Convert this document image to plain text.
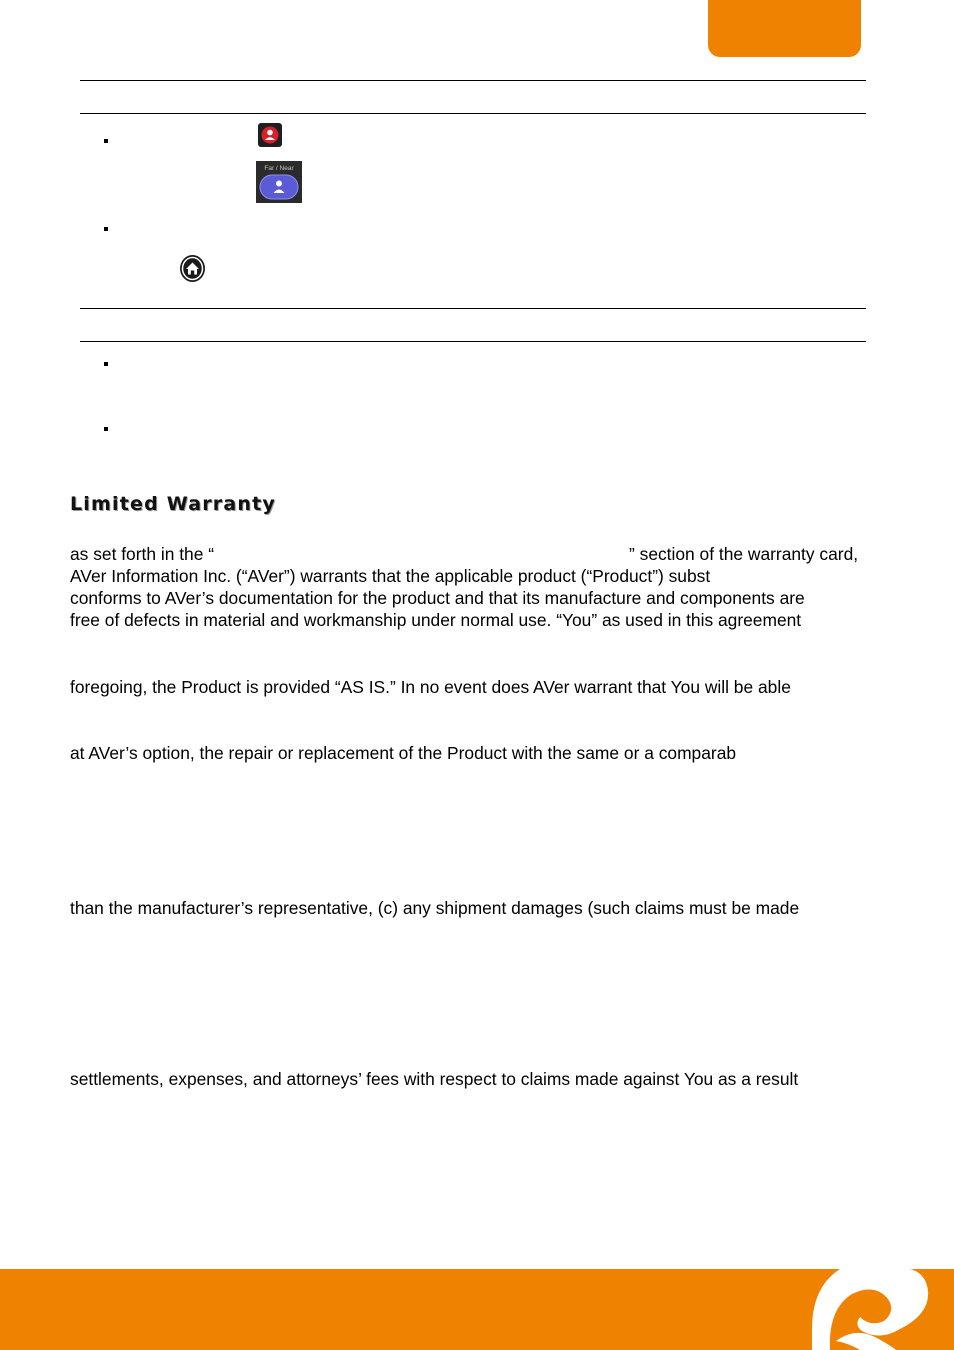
Far / Near
Limited Warranty

as set forth in the “	” section of the warranty card,

AVer Information Inc. (“AVer”) warrants that the applicable product (“Product”) subst

conforms to AVer’s documentation for the product and that its manufacture and components are

free of defects in material and workmanship under normal use. “You” as used in this agreement

foregoing, the Product is provided “AS IS.” In no event does AVer warrant that You will be able

at AVer’s option, the repair or replacement of the Product with the same or a comparab

than the manufacturer’s representative, (c) any shipment damages (such claims must be made

settlements, expenses, and attorneys’ fees with respect to claims made against You as a result
